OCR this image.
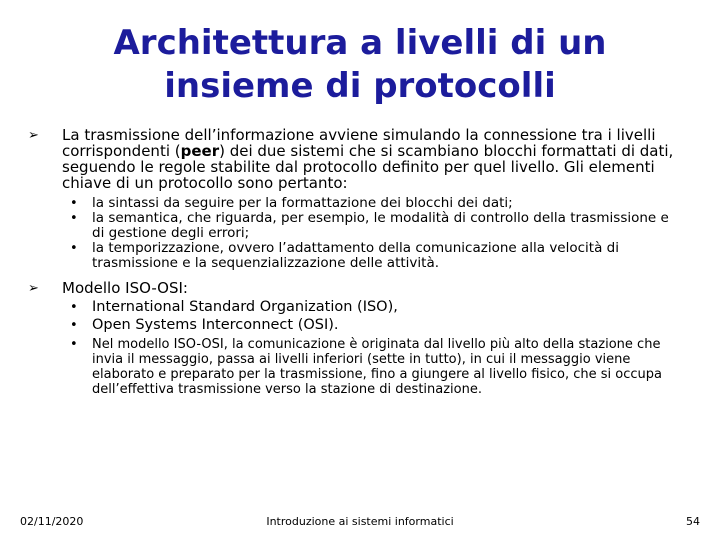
Architettura a livelli di un
insieme di protocolli
➢ La trasmissione dell’informazione avviene simulando la connessione tra i livelli corrispondenti (peer) dei due sistemi che si scambiano blocchi formattati di dati, seguendo le regole stabilite dal protocollo definito per quel livello. Gli elementi chiave di un protocollo sono pertanto:
• la sintassi da seguire per la formattazione dei blocchi dei dati;
• la semantica, che riguarda, per esempio, le modalità di controllo della trasmissione e di gestione degli errori;
• la temporizzazione, ovvero l’adattamento della comunicazione alla velocità di trasmissione e la sequenzializzazione delle attività.
➢ Modello ISO-OSI:
• International Standard Organization (ISO),
• Open Systems Interconnect (OSI).
• Nel modello ISO-OSI, la comunicazione è originata dal livello più alto della stazione che invia il messaggio, passa ai livelli inferiori (sette in tutto), in cui il messaggio viene elaborato e preparato per la trasmissione, fino a giungere al livello fisico, che si occupa dell’effettiva trasmissione verso la stazione di destinazione.
02/11/2020	Introduzione ai sistemi informatici	54
